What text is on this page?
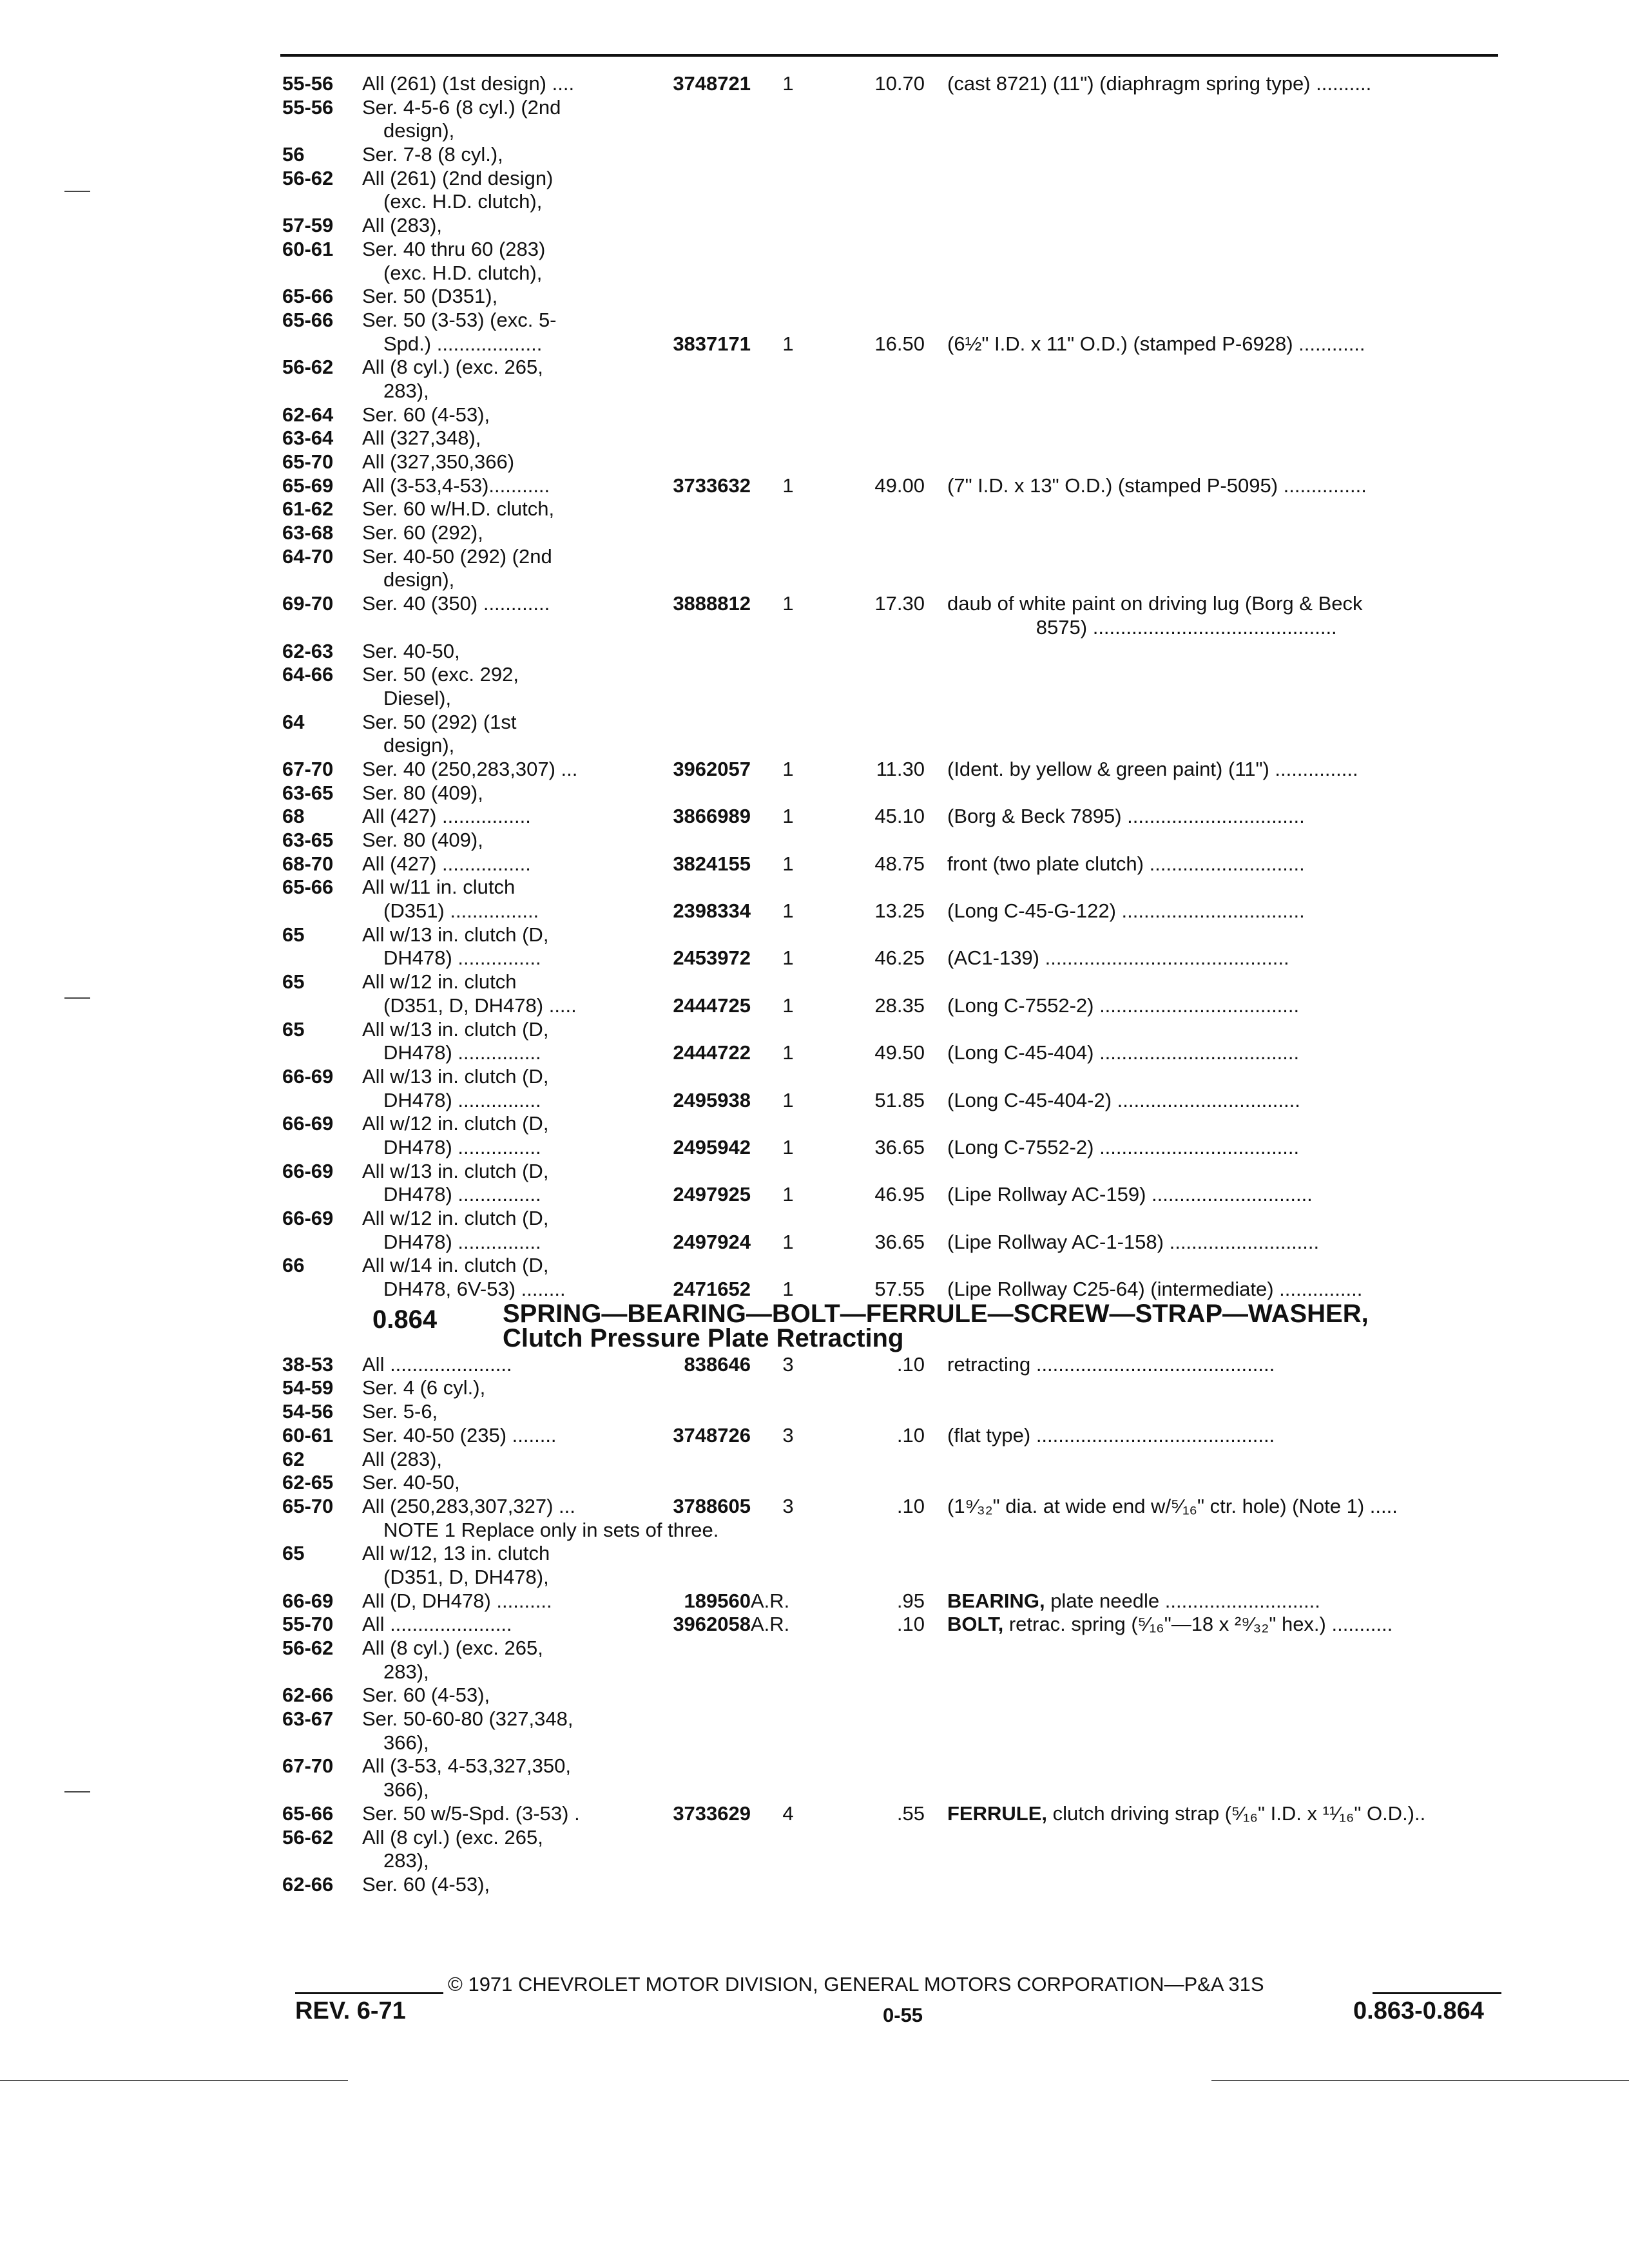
55-56	All (261) (1st design) ....	3748721	1	10.70 (cast 8721) (11") (diaphragm spring type) ..........
55-56	Ser. 4-5-6 (8 cyl.) (2nd
design),
56	Ser. 7-8 (8 cyl.),
56-62	All (261) (2nd design)
(exc. H.D. clutch),
57-59	All (283),
60-61	Ser. 40 thru 60 (283)
(exc. H.D. clutch),
65-66	Ser. 50 (D351),
65-66	Ser. 50 (3-53) (exc. 5-
Spd.) ...................	3837171	1	16.50 (6½" I.D. x 11" O.D.) (stamped P-6928) ............
56-62	All (8 cyl.) (exc. 265,
283),
62-64	Ser. 60 (4-53),
63-64	All (327,348),
65-70	All (327,350,366)
65-69	All (3-53,4-53)...........	3733632	1	49.00 (7" I.D. x 13" O.D.) (stamped P-5095) ...............
61-62	Ser. 60 w/H.D. clutch,
63-68	Ser. 60 (292),
64-70	Ser. 40-50 (292) (2nd
design),
69-70	Ser. 40 (350) ............	3888812	1	17.30 daub of white paint on driving lug (Borg & Beck
8575) ............................................
62-63	Ser. 40-50,
64-66	Ser. 50 (exc. 292,
Diesel),
64	Ser. 50 (292) (1st
design),
67-70	Ser. 40 (250,283,307) ...	3962057	1	11.30 (Ident. by yellow & green paint) (11") ...............
63-65	Ser. 80 (409),
68	All (427) ................	3866989	1	45.10 (Borg & Beck 7895) ................................
63-65	Ser. 80 (409),
68-70	All (427) ................	3824155	1	48.75 front (two plate clutch) ............................
65-66	All w/11 in. clutch
(D351) ................	2398334	1	13.25 (Long C-45-G-122) .................................
65	All w/13 in. clutch (D,
DH478) ...............	2453972	1	46.25 (AC1-139) ............................................
65	All w/12 in. clutch
(D351, D, DH478) .....	2444725	1	28.35 (Long C-7552-2) ....................................
65	All w/13 in. clutch (D,
DH478) ...............	2444722	1	49.50 (Long C-45-404) ....................................
66-69	All w/13 in. clutch (D,
DH478) ...............	2495938	1	51.85 (Long C-45-404-2) .................................
66-69	All w/12 in. clutch (D,
DH478) ...............	2495942	1	36.65 (Long C-7552-2) ....................................
66-69	All w/13 in. clutch (D,
DH478) ...............	2497925	1	46.95 (Lipe Rollway AC-159) .............................
66-69	All w/12 in. clutch (D,
DH478) ...............	2497924	1	36.65 (Lipe Rollway AC-1-158) ...........................
66	All w/14 in. clutch (D,
DH478, 6V-53) ........	2471652	1	57.55 (Lipe Rollway C25-64) (intermediate) ...............
0.864	SPRING—BEARING—BOLT—FERRULE—SCREW—STRAP—WASHER,
Clutch Pressure Plate Retracting
38-53	All ......................	838646	3	.10 retracting ...........................................
54-59	Ser. 4 (6 cyl.),
54-56	Ser. 5-6,
60-61	Ser. 40-50 (235) ........	3748726	3	.10 (flat type) ...........................................
62	All (283),
62-65	Ser. 40-50,
65-70	All (250,283,307,327) ...	3788605	3	.10 (1⁹⁄₃₂" dia. at wide end w/⁵⁄₁₆" ctr. hole) (Note 1) .....
NOTE 1 Replace only in sets of three.
65	All w/12, 13 in. clutch
(D351, D, DH478),
66-69	All (D, DH478) ..........	189560 A.R.	.95 BEARING, plate needle ............................
55-70	All ......................	3962058 A.R.	.10 BOLT, retrac. spring (⁵⁄₁₆"—18 x ²⁹⁄₃₂" hex.) ...........
56-62	All (8 cyl.) (exc. 265,
283),
62-66	Ser. 60 (4-53),
63-67	Ser. 50-60-80 (327,348,
366),
67-70	All (3-53, 4-53,327,350,
366),
65-66	Ser. 50 w/5-Spd. (3-53) .	3733629	4	.55 FERRULE, clutch driving strap (⁵⁄₁₆" I.D. x ¹¹⁄₁₆" O.D.)..
56-62	All (8 cyl.) (exc. 265,
283),
62-66	Ser. 60 (4-53),
© 1971 CHEVROLET MOTOR DIVISION, GENERAL MOTORS CORPORATION—P&A 31S
REV. 6-71	0-55	0.863-0.864
